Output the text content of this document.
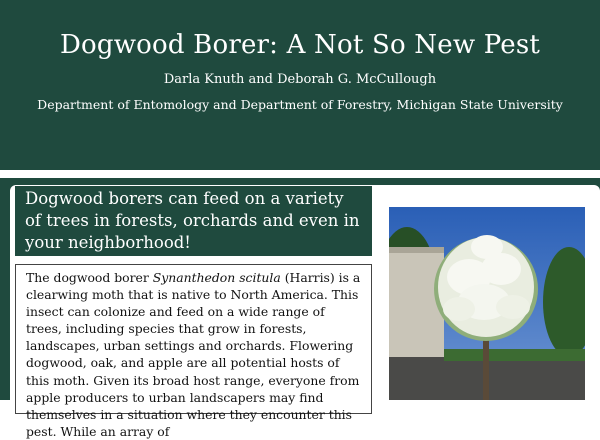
Dogwood Borer: A Not So New Pest
Darla Knuth and Deborah G. McCullough
Department of Entomology and Department of Forestry, Michigan State University
Dogwood borers can feed on a variety of trees in forests, orchards and even in your neighborhood!
The dogwood borer Synanthedon scitula (Harris) is a clearwing moth that is native to North America. This insect can colonize and feed on a wide range of trees, including species that grow in forests, landscapes, urban settings and orchards. Flowering dogwood, oak, and apple are all potential hosts of this moth. Given its broad host range, everyone from apple producers to urban landscapers may find themselves in a situation where they encounter this pest. While an array of
